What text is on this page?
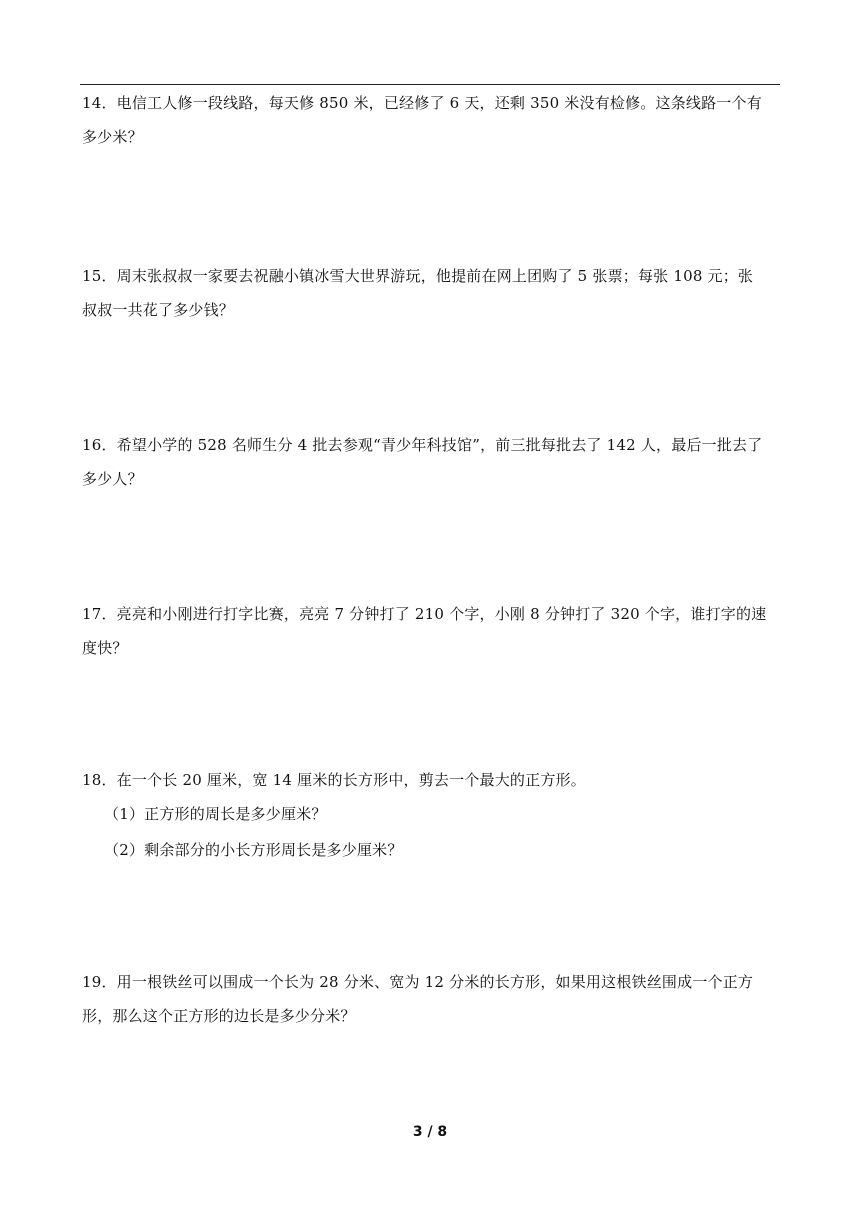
14．电信工人修一段线路，每天修 850 米，已经修了 6 天，还剩 350 米没有检修。这条线路一个有
多少米？
15．周末张叔叔一家要去祝融小镇冰雪大世界游玩，他提前在网上团购了 5 张票；每张 108 元；张
叔叔一共花了多少钱？
16．希望小学的 528 名师生分 4 批去参观“青少年科技馆”，前三批每批去了 142 人，最后一批去了
多少人？
17．亮亮和小刚进行打字比赛，亮亮 7 分钟打了 210 个字，小刚 8 分钟打了 320 个字，谁打字的速
度快？
18．在一个长 20 厘米，宽 14 厘米的长方形中，剪去一个最大的正方形。
（1）正方形的周长是多少厘米？
（2）剩余部分的小长方形周长是多少厘米？
19．用一根铁丝可以围成一个长为 28 分米、宽为 12 分米的长方形，如果用这根铁丝围成一个正方
形，那么这个正方形的边长是多少分米？
3 / 8
